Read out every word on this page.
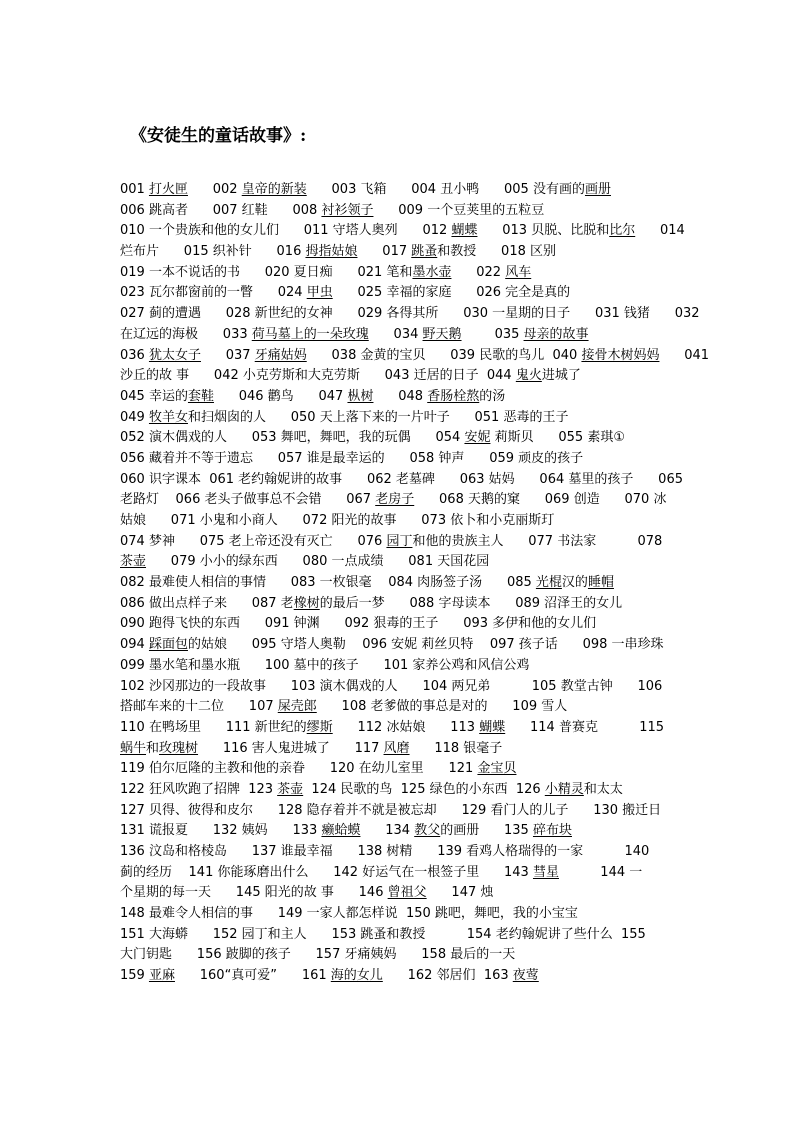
《安徒生的童话故事》:
001 打火匣      002 皇帝的新装      003 飞箱      004 丑小鸭      005 没有画的画册
006 跳高者      007 红鞋      008 衬衫领子      009 一个豆荚里的五粒豆
010 一个贵族和他的女儿们      011 守塔人奥列      012 蝴蝶      013 贝脱、比脱和比尔      014
烂布片      015 织补针      016 拇指姑娘      017 跳蚤和教授      018 区别
019 一本不说话的书      020 夏日痴      021 笔和墨水壶      022 风车
023 瓦尔都窗前的一瞥      024 甲虫      025 幸福的家庭      026 完全是真的
027 蓟的遭遇      028 新世纪的女神      029 各得其所      030 一星期的日子      031 钱猪      032
在辽远的海极      033 荷马墓上的一朵玫瑰      034 野天鹅        035 母亲的故事
036 犹太女子      037 牙痛姑妈      038 金黄的宝贝      039 民歌的鸟儿  040 接骨木树妈妈      041
沙丘的故 事      042 小克劳斯和大克劳斯      043 迁居的日子  044 鬼火进城了
045 幸运的套鞋      046 鹳鸟      047 枞树      048 香肠栓熬的汤
049 牧羊女和扫烟囱的人      050 天上落下来的一片叶子      051 恶毒的王子
052 演木偶戏的人      053 舞吧，舞吧，我的玩偶      054 安妮 莉斯贝      055 素琪①
056 藏着并不等于遗忘      057 谁是最幸运的      058 钟声      059 顽皮的孩子
060 识字课本  061 老约翰妮讲的故事      062 老墓碑      063 姑妈      064 墓里的孩子      065
老路灯    066 老头子做事总不会错      067 老房子      068 天鹅的窠      069 创造      070 冰
姑娘      071 小鬼和小商人      072 阳光的故事      073 依卜和小克丽斯玎
074 梦神      075 老上帝还没有灭亡      076 园丁和他的贵族主人      077 书法家          078
茶壶      079 小小的绿东西      080 一点成绩      081 天国花园
082 最难使人相信的事情      083 一枚银毫    084 肉肠签子汤      085 光棍汉的睡帽
086 做出点样子来      087 老橡树的最后一梦      088 字母读本      089 沼泽王的女儿
090 跑得飞快的东西      091 钟渊      092 狠毒的王子      093 多伊和他的女儿们
094 踩面包的姑娘      095 守塔人奥勒    096 安妮 莉丝贝特    097 孩子话      098 一串珍珠
099 墨水笔和墨水瓶      100 墓中的孩子      101 家养公鸡和风信公鸡
102 沙冈那边的一段故事      103 演木偶戏的人      104 两兄弟          105 教堂古钟      106
搭邮车来的十二位      107 屎壳郎      108 老爹做的事总是对的      109 雪人
110 在鸭场里      111 新世纪的缪斯      112 冰姑娘      113 蝴蝶      114 普赛克          115
蜗牛和玫瑰树      116 害人鬼进城了      117 风磨      118 银毫子
119 伯尔厄隆的主教和他的亲眷      120 在幼儿室里      121 金宝贝
122 狂风吹跑了招牌  123 茶壶  124 民歌的鸟  125 绿色的小东西  126 小精灵和太太
127 贝得、彼得和皮尔      128 隐存着并不就是被忘却      129 看门人的儿子      130 搬迁日
131 谎报夏      132 姨妈      133 癞蛤蟆      134 教父的画册      135 碎布块
136 汶岛和格棱岛      137 谁最幸福      138 树精      139 看鸡人格瑞得的一家          140
蓟的经历    141 你能琢磨出什么      142 好运气在一根签子里      143 彗星          144 一
个星期的每一天      145 阳光的故 事      146 曾祖父      147 烛
148 最难令人相信的事      149 一家人都怎样说  150 跳吧，舞吧，我的小宝宝
151 大海蟒      152 园丁和主人      153 跳蚤和教授          154 老约翰妮讲了些什么  155
大门钥匙      156 跛脚的孩子      157 牙痛姨妈      158 最后的一天
159 亚麻      160“真可爱”      161 海的女儿      162 邻居们  163 夜莺
